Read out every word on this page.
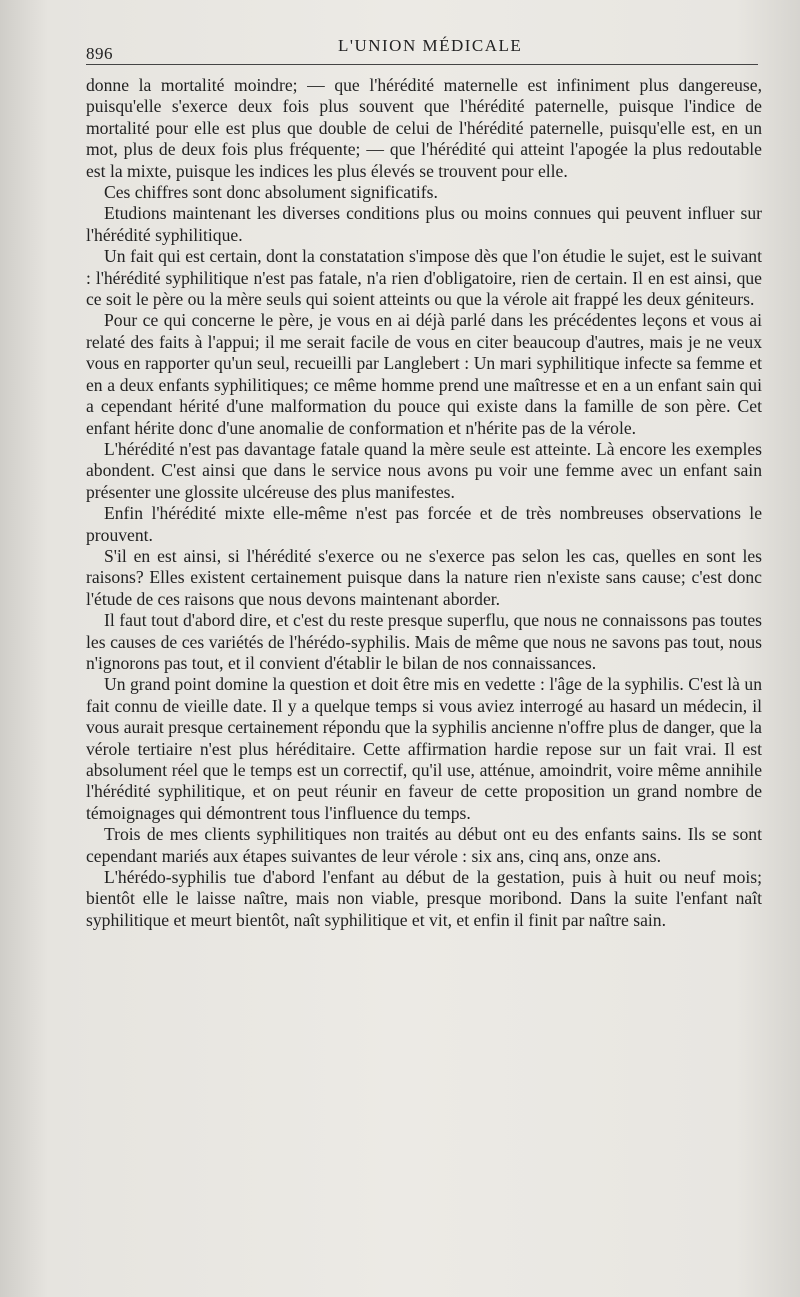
896	L'UNION MÉDICALE

donne la mortalité moindre; — que l'hérédité maternelle est infiniment plus dangereuse, puisqu'elle s'exerce deux fois plus souvent que l'hérédité paternelle, puisque l'indice de mortalité pour elle est plus que double de celui de l'hérédité paternelle, puisqu'elle est, en un mot, plus de deux fois plus fréquente; — que l'hérédité qui atteint l'apogée la plus redoutable est la mixte, puisque les indices les plus élevés se trouvent pour elle.

Ces chiffres sont donc absolument significatifs.

Etudions maintenant les diverses conditions plus ou moins connues qui peuvent influer sur l'hérédité syphilitique.

Un fait qui est certain, dont la constatation s'impose dès que l'on étudie le sujet, est le suivant : l'hérédité syphilitique n'est pas fatale, n'a rien d'obligatoire, rien de certain. Il en est ainsi, que ce soit le père ou la mère seuls qui soient atteints ou que la vérole ait frappé les deux géniteurs.

Pour ce qui concerne le père, je vous en ai déjà parlé dans les précédentes leçons et vous ai relaté des faits à l'appui; il me serait facile de vous en citer beaucoup d'autres, mais je ne veux vous en rapporter qu'un seul, recueilli par Langlebert : Un mari syphilitique infecte sa femme et en a deux enfants syphilitiques; ce même homme prend une maîtresse et en a un enfant sain qui a cependant hérité d'une malformation du pouce qui existe dans la famille de son père. Cet enfant hérite donc d'une anomalie de conformation et n'hérite pas de la vérole.

L'hérédité n'est pas davantage fatale quand la mère seule est atteinte. Là encore les exemples abondent. C'est ainsi que dans le service nous avons pu voir une femme avec un enfant sain présenter une glossite ulcéreuse des plus manifestes.

Enfin l'hérédité mixte elle-même n'est pas forcée et de très nombreuses observations le prouvent.

S'il en est ainsi, si l'hérédité s'exerce ou ne s'exerce pas selon les cas, quelles en sont les raisons? Elles existent certainement puisque dans la nature rien n'existe sans cause; c'est donc l'étude de ces raisons que nous devons maintenant aborder.

Il faut tout d'abord dire, et c'est du reste presque superflu, que nous ne connaissons pas toutes les causes de ces variétés de l'hérédo-syphilis. Mais de même que nous ne savons pas tout, nous n'ignorons pas tout, et il convient d'établir le bilan de nos connaissances.

Un grand point domine la question et doit être mis en vedette : l'âge de la syphilis. C'est là un fait connu de vieille date. Il y a quelque temps si vous aviez interrogé au hasard un médecin, il vous aurait presque certainement répondu que la syphilis ancienne n'offre plus de danger, que la vérole tertiaire n'est plus héréditaire. Cette affirmation hardie repose sur un fait vrai. Il est absolument réel que le temps est un correctif, qu'il use, atténue, amoindrit, voire même annihile l'hérédité syphilitique, et on peut réunir en faveur de cette proposition un grand nombre de témoignages qui démontrent tous l'influence du temps.

Trois de mes clients syphilitiques non traités au début ont eu des enfants sains. Ils se sont cependant mariés aux étapes suivantes de leur vérole : six ans, cinq ans, onze ans.

L'hérédo-syphilis tue d'abord l'enfant au début de la gestation, puis à huit ou neuf mois; bientôt elle le laisse naître, mais non viable, presque moribond. Dans la suite l'enfant naît syphilitique et meurt bientôt, naît syphilitique et vit, et enfin il finit par naître sain.
